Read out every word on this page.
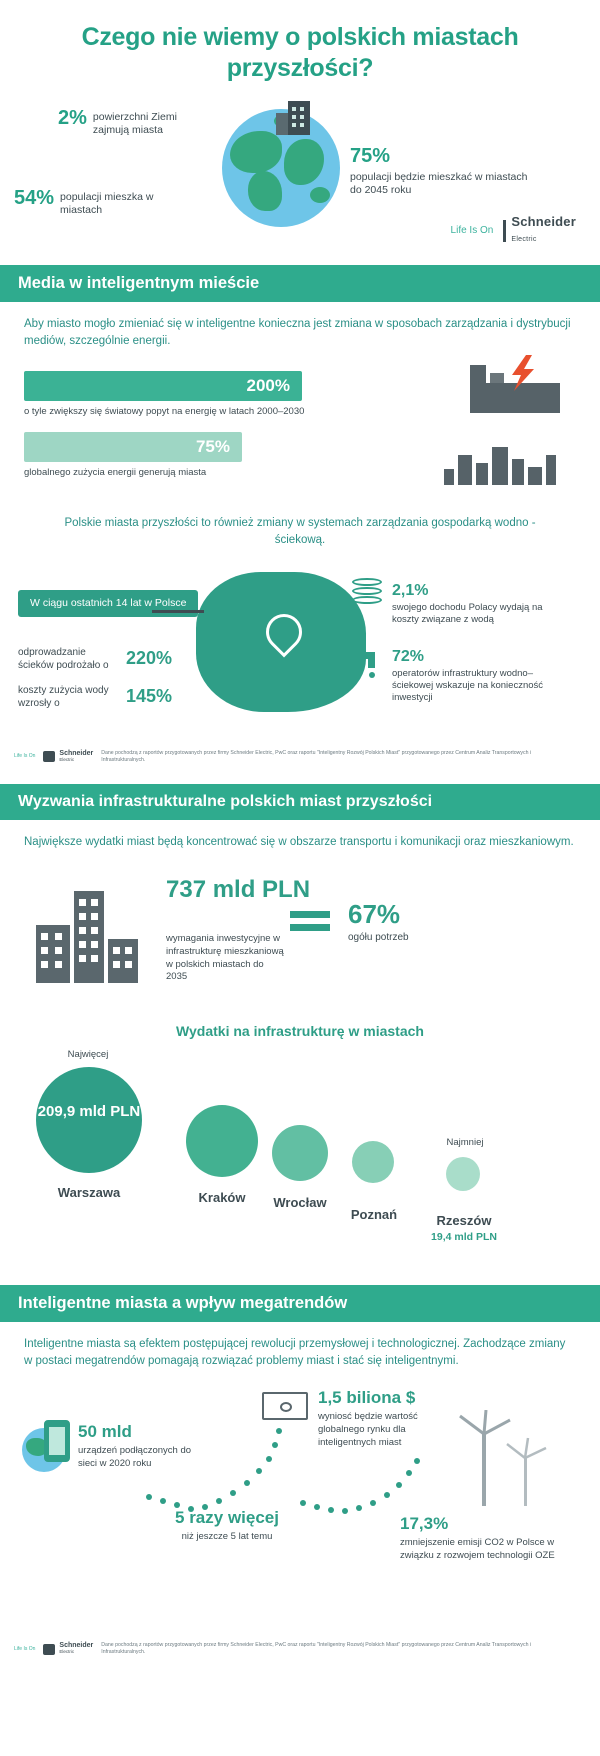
Czego nie wiemy o polskich miastach przyszłości?
2% powierzchni Ziemi zajmują miasta
54% populacji mieszka w miastach
75%
populacji będzie mieszkać w miastach do 2045 roku
Life Is On
Schneider
Electric
Media w inteligentnym mieście
Aby miasto mogło zmieniać się w inteligentne konieczna jest zmiana w sposobach zarządzania i dystrybucji mediów, szczególnie energii.
200%
o tyle zwiększy się światowy popyt na energię w latach 2000–2030
75%
globalnego zużycia energii generują miasta
Polskie miasta przyszłości to również zmiany w systemach zarządzania gospodarką wodno - ściekową.
W ciągu ostatnich 14 lat w Polsce
odprowadzanie ścieków podrożało o 220%
koszty zużycia wody wzrosły o	145%
2,1%
swojego dochodu Polacy wydają na koszty związane z wodą
72%
operatorów infrastruktury wodno–ściekowej wskazuje na konieczność inwestycji
Life Is On	Schneider
Electric
Dane pochodzą z raportów przygotowanych przez firmy Schneider Electric, PwC oraz raportu "Inteligentny Rozwój Polskich Miast" przygotowanego przez Centrum Analiz Transportowych i Infrastrukturalnych.
Wyzwania infrastrukturalne polskich miast przyszłości
Największe wydatki miast będą koncentrować się w obszarze transportu i komunikacji oraz mieszkaniowym.
737 mld PLN
wymagania inwestycyjne w infrastrukturę mieszkaniową w polskich miastach do 2035
67%
ogółu potrzeb
Wydatki na infrastrukturę w miastach
Najwięcej
209,9 mld PLN
Warszawa	Kraków	Wrocław
Poznań
Najmniej
Rzeszów
19,4 mld PLN
Inteligentne miasta a wpływ megatrendów
Inteligentne miasta są efektem postępującej rewolucji przemysłowej i technologicznej. Zachodzące zmiany w postaci megatrendów pomagają rozwiązać problemy miast i stać się inteligentnymi.
50 mld
urządzeń podłączonych do sieci w 2020 roku
5 razy więcej
niż jeszcze 5 lat temu
1,5 biliona $
wyniosć będzie wartość globalnego rynku dla inteligentnych miast
17,3%
zmniejszenie emisji CO2 w Polsce w związku z rozwojem technologii OZE
Life Is On	Schneider
Electric
Dane pochodzą z raportów przygotowanych przez firmy Schneider Electric, PwC oraz raportu "Inteligentny Rozwój Polskich Miast" przygotowanego przez Centrum Analiz Transportowych i Infrastrukturalnych.
